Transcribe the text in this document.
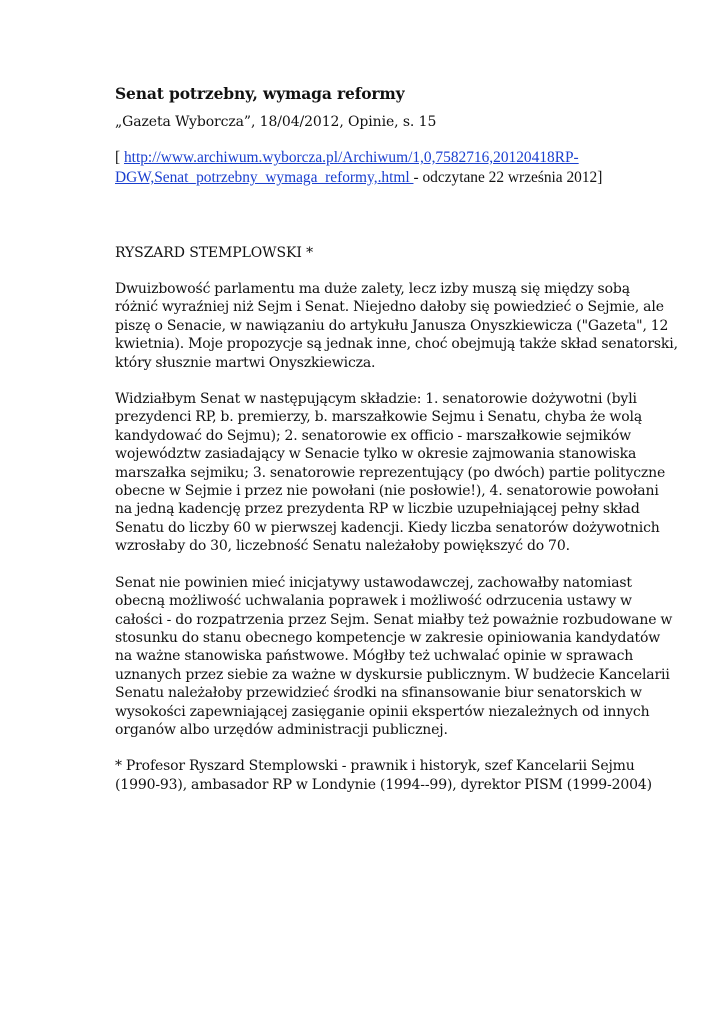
Senat potrzebny, wymaga reformy
„Gazeta Wyborcza”, 18/04/2012, Opinie, s. 15
[ http://www.archiwum.wyborcza.pl/Archiwum/1,0,7582716,20120418RP-
DGW,Senat_potrzebny_wymaga_reformy,.html - odczytane 22 września 2012]
RYSZARD STEMPLOWSKI *

Dwuizbowość parlamentu ma duże zalety, lecz izby muszą się między sobą
różnić wyraźniej niż Sejm i Senat. Niejedno dałoby się powiedzieć o Sejmie, ale
piszę o Senacie, w nawiązaniu do artykułu Janusza Onyszkiewicza ("Gazeta", 12
kwietnia). Moje propozycje są jednak inne, choć obejmują także skład senatorski,
który słusznie martwi Onyszkiewicza.

Widziałbym Senat w następującym składzie: 1. senatorowie dożywotni (byli
prezydenci RP, b. premierzy, b. marszałkowie Sejmu i Senatu, chyba że wolą
kandydować do Sejmu); 2. senatorowie ex officio - marszałkowie sejmików
województw zasiadający w Senacie tylko w okresie zajmowania stanowiska
marszałka sejmiku; 3. senatorowie reprezentujący (po dwóch) partie polityczne
obecne w Sejmie i przez nie powołani (nie posłowie!), 4. senatorowie powołani
na jedną kadencję przez prezydenta RP w liczbie uzupełniającej pełny skład
Senatu do liczby 60 w pierwszej kadencji. Kiedy liczba senatorów dożywotnich
wzrosłaby do 30, liczebność Senatu należałoby powiększyć do 70.

Senat nie powinien mieć inicjatywy ustawodawczej, zachowałby natomiast
obecną możliwość uchwalania poprawek i możliwość odrzucenia ustawy w
całości - do rozpatrzenia przez Sejm. Senat miałby też poważnie rozbudowane w
stosunku do stanu obecnego kompetencje w zakresie opiniowania kandydatów
na ważne stanowiska państwowe. Mógłby też uchwalać opinie w sprawach
uznanych przez siebie za ważne w dyskursie publicznym. W budżecie Kancelarii
Senatu należałoby przewidzieć środki na sfinansowanie biur senatorskich w
wysokości zapewniającej zasięganie opinii ekspertów niezależnych od innych
organów albo urzędów administracji publicznej.

* Profesor Ryszard Stemplowski - prawnik i historyk, szef Kancelarii Sejmu
(1990-93), ambasador RP w Londynie (1994--99), dyrektor PISM (1999-2004)
